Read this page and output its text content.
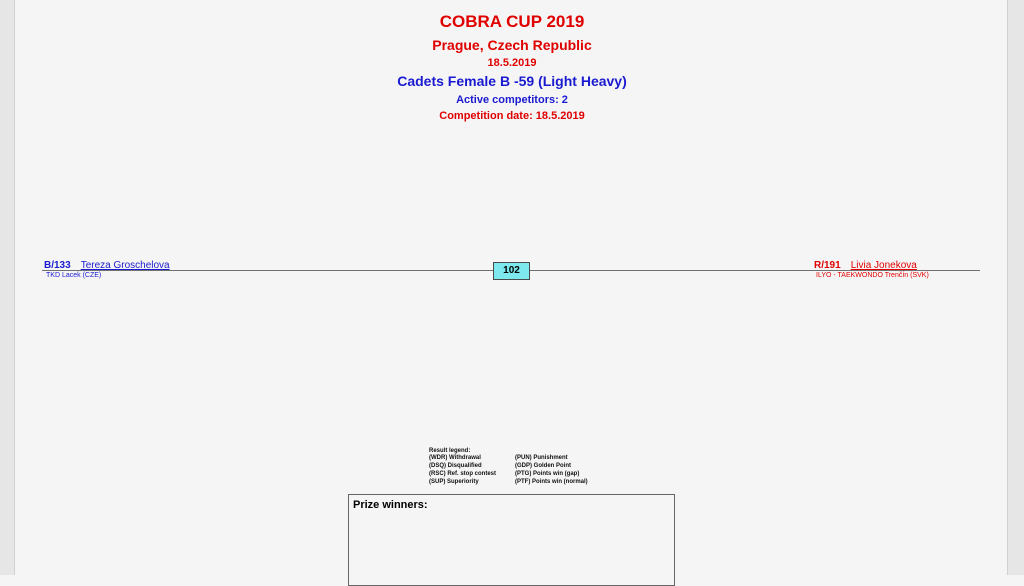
COBRA CUP 2019
Prague, Czech Republic
18.5.2019
Cadets Female B -59 (Light Heavy)
Active competitors: 2
Competition date: 18.5.2019
B/133 Tereza Groschelova
TKD Lacek (CZE)	102	R/191 Livia Jonekova
ILYO - TAEKWONDO Trenčín (SVK)
Result legend:
(WDR) Withdrawal	(PUN) Punishment
(DSQ) Disqualified	(GDP) Golden Point
(RSC) Ref. stop contest	(PTG) Points win (gap)
(SUP) Superiority	(PTF) Points win (normal)
Prize winners:
